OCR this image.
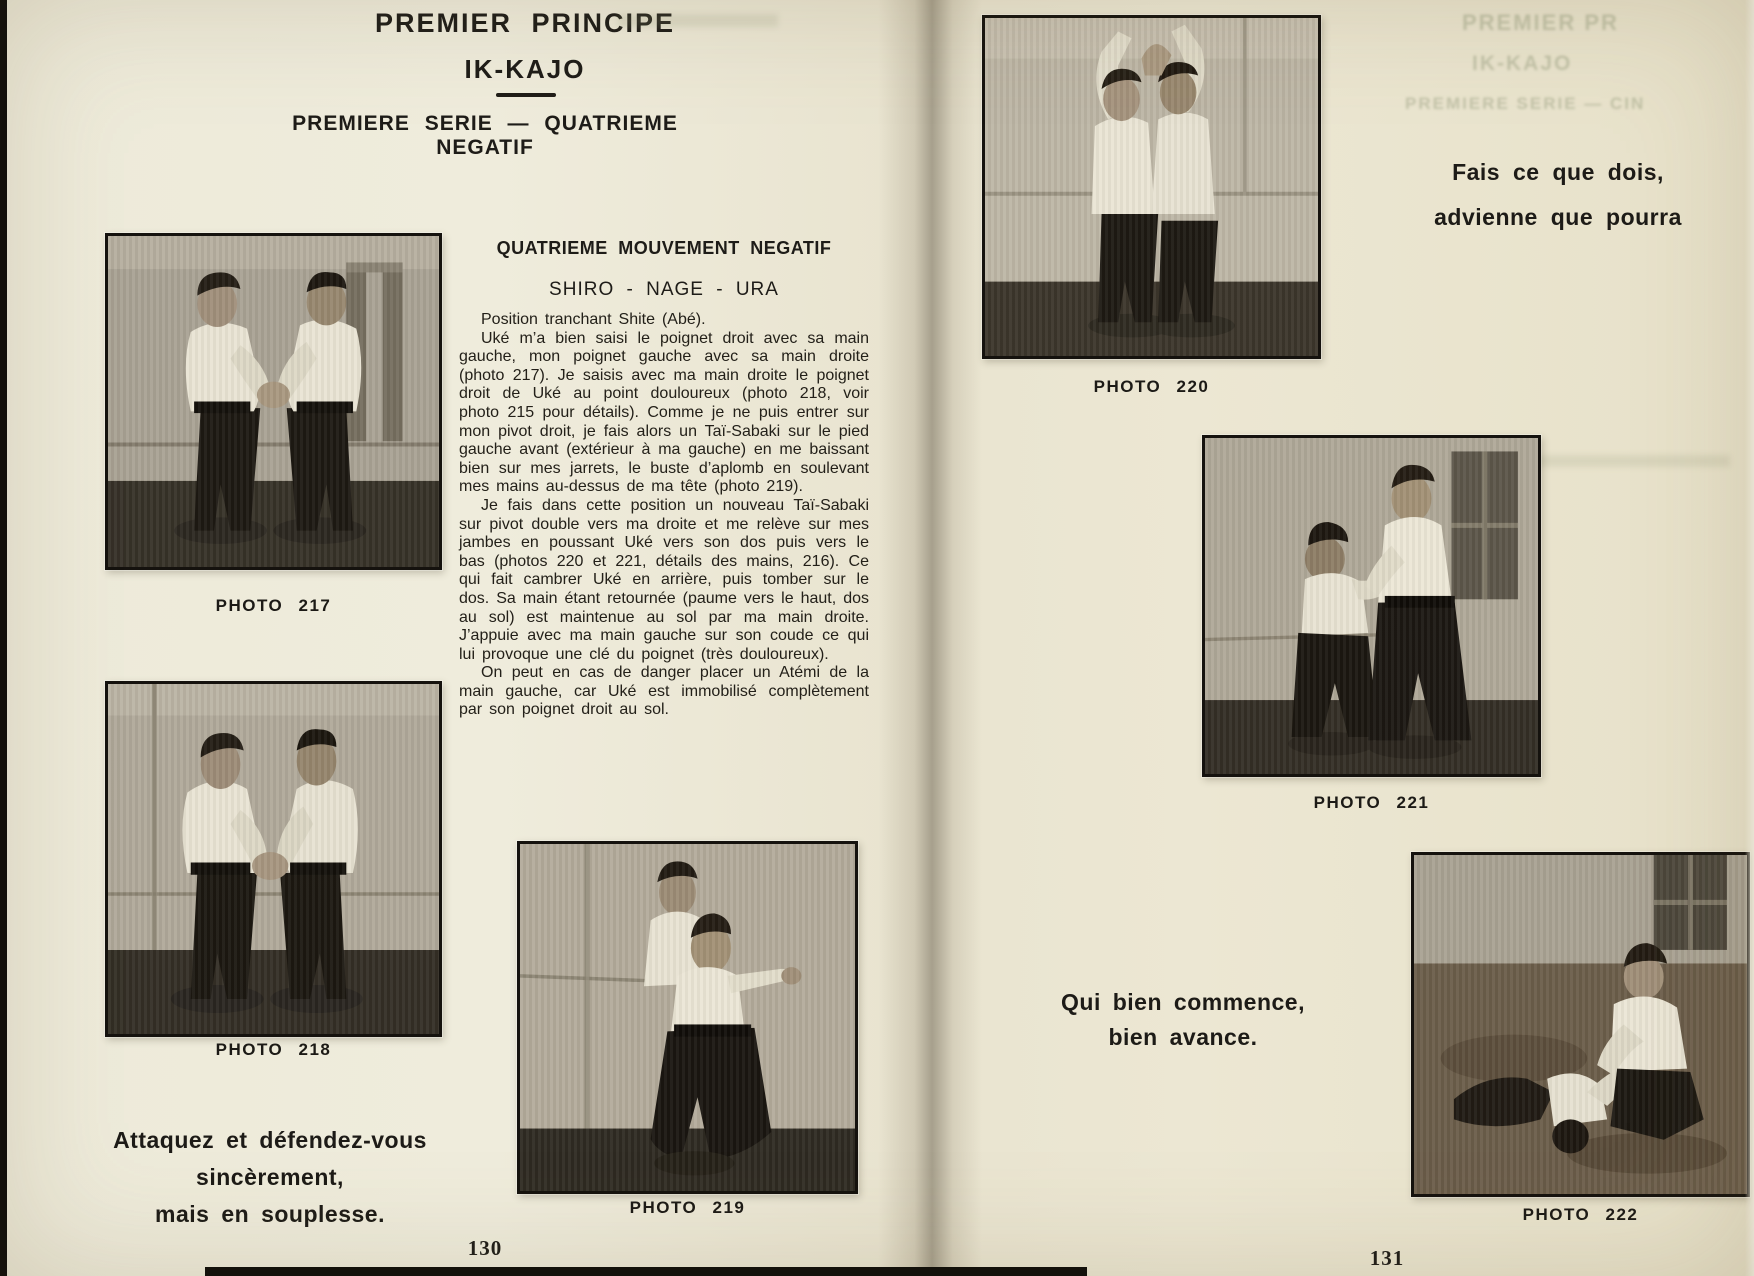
PREMIER PRINCIPE
IK-KAJO
PREMIERE SERIE — QUATRIEME NEGATIF
PHOTO 217
PHOTO 218
QUATRIEME MOUVEMENT NEGATIF
SHIRO - NAGE - URA

Position tranchant Shite (Abé).

Uké m’a bien saisi le poignet droit avec sa main gauche, mon poignet gauche avec sa main droite (photo 217). Je saisis avec ma main droite le poignet droit de Uké au point douloureux (photo 218, voir photo 215 pour détails). Comme je ne puis entrer sur mon pivot droit, je fais alors un Taï-Sabaki sur le pied gauche avant (extérieur à ma gauche) en me baissant bien sur mes jarrets, le buste d’aplomb en soulevant mes mains au-dessus de ma tête (photo 219).

Je fais dans cette position un nouveau Taï-Sabaki sur pivot double vers ma droite et me relève sur mes jambes en poussant Uké vers son dos puis vers le bas (photos 220 et 221, détails des mains, 216). Ce qui fait cambrer Uké en arrière, puis tomber sur le dos. Sa main étant retournée (paume vers le haut, dos au sol) est maintenue au sol par ma main droite. J’appuie avec ma main gauche sur son coude ce qui lui provoque une clé du poignet (très douloureux).

On peut en cas de danger placer un Atémi de la main gauche, car Uké est immobilisé complètement par son poignet droit au sol.

PHOTO 219
Attaquez et défendez-vous
sincèrement,
mais en souplesse.
130
PREMIER PR
IK-KAJO
PREMIERE SERIE — CIN
PHOTO 220
Fais ce que dois,
advienne que pourra
PHOTO 221
Qui bien commence,
bien avance.
PHOTO 222
131
